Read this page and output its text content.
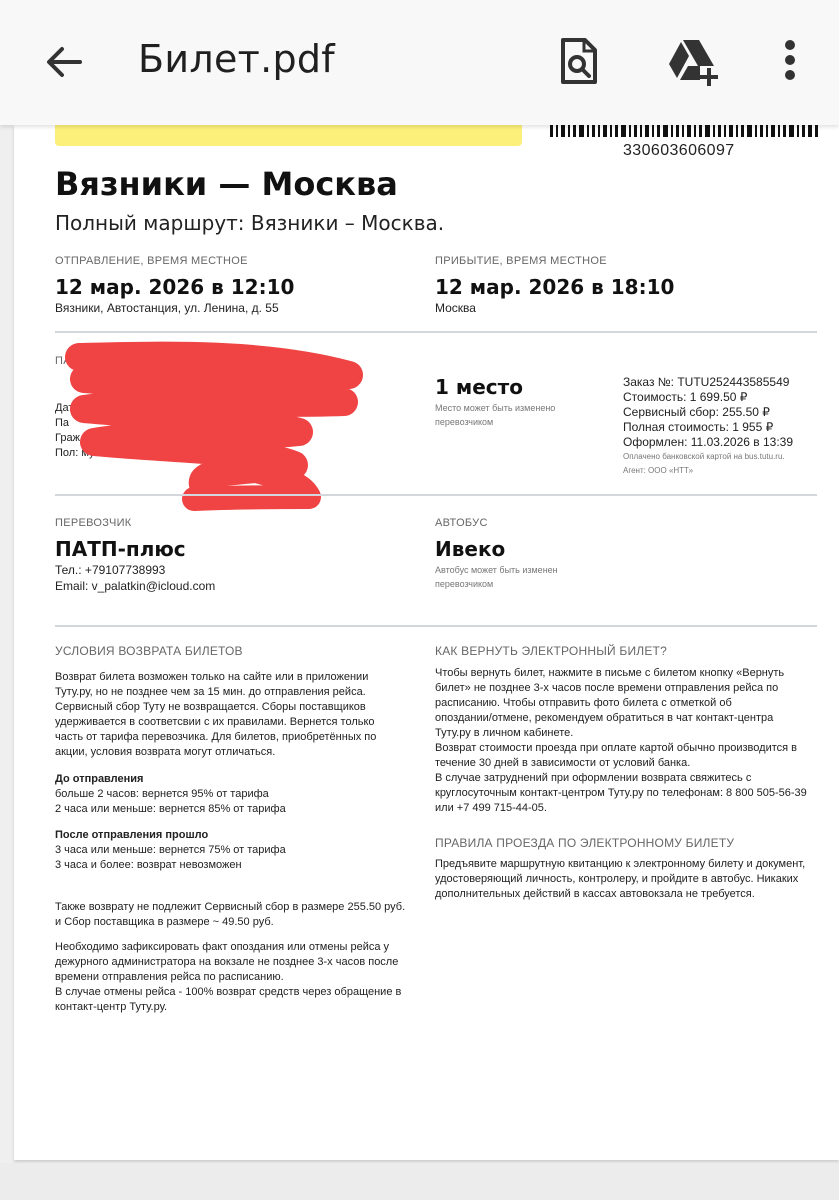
Билет.pdf
330603606097
Вязники — Москва
Полный маршрут: Вязники – Москва.
ОТПРАВЛЕНИЕ, ВРЕМЯ МЕСТНОЕ
12 мар. 2026 в 12:10
Вязники, Автостанция, ул. Ленина, д. 55
ПРИБЫТИЕ, ВРЕМЯ МЕСТНОЕ
12 мар. 2026 в 18:10
Москва
ПАССАЖИР
Дата
Па
Граж
Пол: мужчин
1 место
Место может быть изменено
перевозчиком
Заказ №: TUTU252443585549
Стоимость: 1 699.50 ₽
Сервисный сбор: 255.50 ₽
Полная стоимость: 1 955 ₽
Оформлен: 11.03.2026 в 13:39
Оплачено банковской картой на bus.tutu.ru.
Агент: ООО «НТТ»
ПЕРЕВОЗЧИК
ПАТП-плюс
Тел.: +79107738993
Email: v_palatkin@icloud.com
АВТОБУС
Ивеко
Автобус может быть изменен
перевозчиком
УСЛОВИЯ ВОЗВРАТА БИЛЕТОВ
Возврат билета возможен только на сайте или в приложении
Туту.ру, но не позднее чем за 15 мин. до отправления рейса.
Сервисный сбор Туту не возвращается. Сборы поставщиков
удерживается в соответсвии с их правилами. Вернется только
часть от тарифа перевозчика. Для билетов, приобретённых по
акции, условия возврата могут отличаться.
До отправления
больше 2 часов: вернется 95% от тарифа
2 часа или меньше: вернется 85% от тарифа
После отправления прошло
3 часа или меньше: вернется 75% от тарифа
3 часа и более: возврат невозможен
Также возврату не подлежит Сервисный сбор в размере 255.50 руб.
и Сбор поставщика в размере ~ 49.50 руб.
Необходимо зафиксировать факт опоздания или отмены рейса у
дежурного администратора на вокзале не позднее 3-х часов после
времени отправления рейса по расписанию.
В случае отмены рейса - 100% возврат средств через обращение в
контакт-центр Туту.ру.
КАК ВЕРНУТЬ ЭЛЕКТРОННЫЙ БИЛЕТ?
Чтобы вернуть билет, нажмите в письме с билетом кнопку «Вернуть
билет» не позднее 3-х часов после времени отправления рейса по
расписанию. Чтобы отправить фото билета с отметкой об
опоздании/отмене, рекомендуем обратиться в чат контакт-центра
Туту.ру в личном кабинете.
Возврат стоимости проезда при оплате картой обычно производится в
течение 30 дней в зависимости от условий банка.
В случае затруднений при оформлении возврата свяжитесь с
круглосуточным контакт-центром Туту.ру по телефонам: 8 800 505-56-39
или +7 499 715-44-05.
ПРАВИЛА ПРОЕЗДА ПО ЭЛЕКТРОННОМУ БИЛЕТУ
Предъявите маршрутную квитанцию к электронному билету и документ,
удостоверяющий личность, контролеру, и пройдите в автобус. Никаких
дополнительных действий в кассах автовокзала не требуется.
